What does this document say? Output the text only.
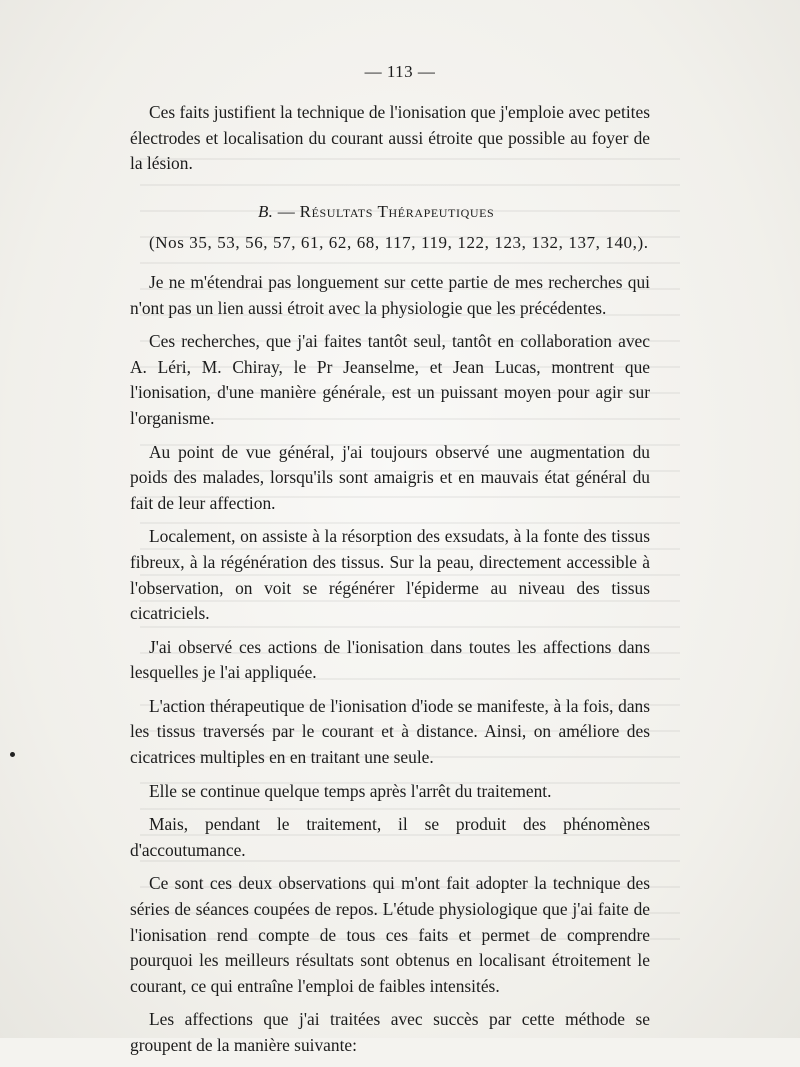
— 113 —

Ces faits justifient la technique de l'ionisation que j'emploie avec petites électrodes et localisation du courant aussi étroite que possible au foyer de la lésion.

B. — Résultats Thérapeutiques
(Nos 35, 53, 56, 57, 61, 62, 68, 117, 119, 122, 123, 132, 137, 140,).

Je ne m'étendrai pas longuement sur cette partie de mes recherches qui n'ont pas un lien aussi étroit avec la physiologie que les précédentes.

Ces recherches, que j'ai faites tantôt seul, tantôt en collaboration avec A. Léri, M. Chiray, le Pr Jeanselme, et Jean Lucas, montrent que l'ionisation, d'une manière générale, est un puissant moyen pour agir sur l'organisme.

Au point de vue général, j'ai toujours observé une augmentation du poids des malades, lorsqu'ils sont amaigris et en mauvais état général du fait de leur affection.

Localement, on assiste à la résorption des exsudats, à la fonte des tissus fibreux, à la régénération des tissus. Sur la peau, directement accessible à l'observation, on voit se régénérer l'épiderme au niveau des tissus cicatriciels.

J'ai observé ces actions de l'ionisation dans toutes les affections dans lesquelles je l'ai appliquée.

L'action thérapeutique de l'ionisation d'iode se manifeste, à la fois, dans les tissus traversés par le courant et à distance. Ainsi, on améliore des cicatrices multiples en en traitant une seule.

Elle se continue quelque temps après l'arrêt du traitement.

Mais, pendant le traitement, il se produit des phénomènes d'accoutumance.

Ce sont ces deux observations qui m'ont fait adopter la technique des séries de séances coupées de repos. L'étude physiologique que j'ai faite de l'ionisation rend compte de tous ces faits et permet de comprendre pourquoi les meilleurs résultats sont obtenus en localisant étroitement le courant, ce qui entraîne l'emploi de faibles intensités.

Les affections que j'ai traitées avec succès par cette méthode se groupent de la manière suivante:
